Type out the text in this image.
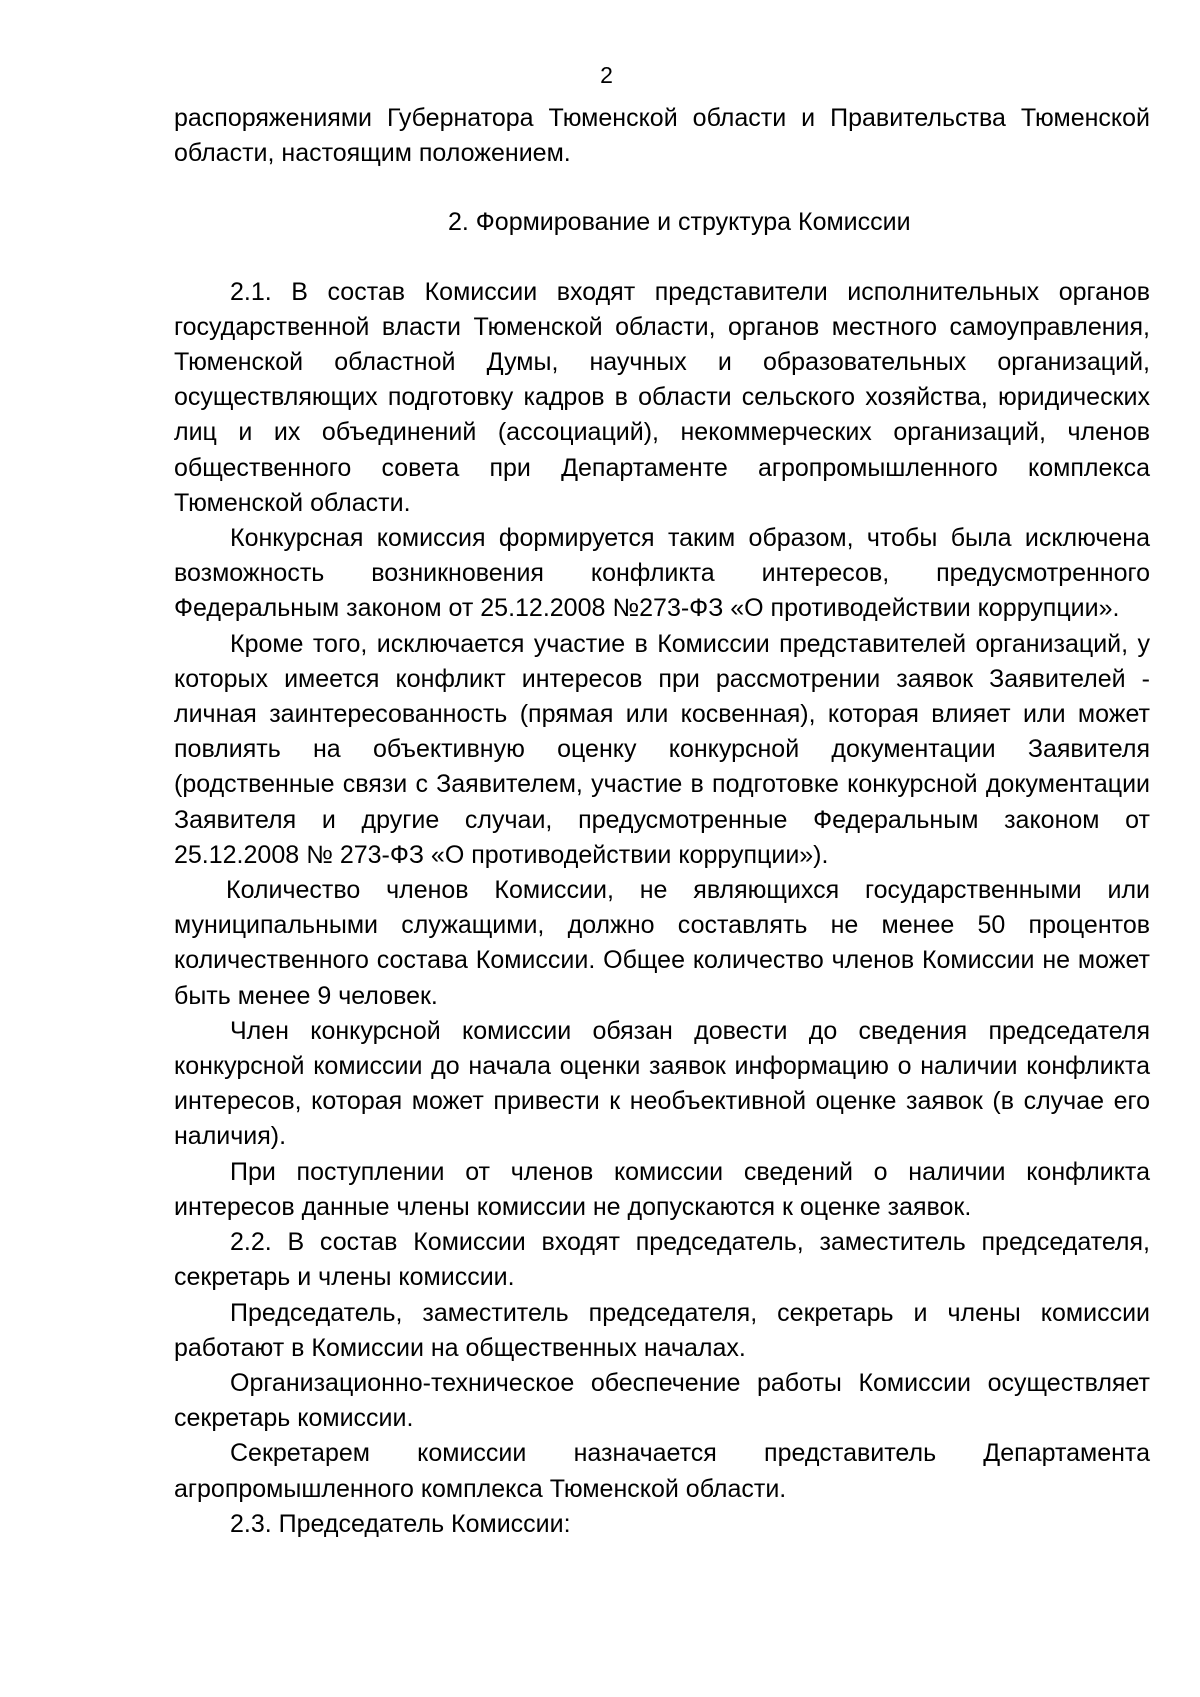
2

распоряжениями Губернатора Тюменской области и Правительства Тюменской области, настоящим положением.

2. Формирование и структура Комиссии

2.1. В состав Комиссии входят представители исполнительных органов государственной власти Тюменской области, органов местного самоуправления, Тюменской областной Думы, научных и образовательных организаций, осуществляющих подготовку кадров в области сельского хозяйства, юридических лиц и их объединений (ассоциаций), некоммерческих организаций, членов общественного совета при Департаменте агропромышленного комплекса Тюменской области.

Конкурсная комиссия формируется таким образом, чтобы была исключена возможность возникновения конфликта интересов, предусмотренного Федеральным законом от 25.12.2008 №273-ФЗ «О противодействии коррупции».

Кроме того, исключается участие в Комиссии представителей организаций, у которых имеется конфликт интересов при рассмотрении заявок Заявителей - личная заинтересованность (прямая или косвенная), которая влияет или может повлиять на объективную оценку конкурсной документации Заявителя (родственные связи с Заявителем, участие в подготовке конкурсной документации Заявителя и другие случаи, предусмотренные Федеральным законом от 25.12.2008 № 273-ФЗ «О противодействии коррупции»).

Количество членов Комиссии, не являющихся государственными или муниципальными служащими, должно составлять не менее 50 процентов количественного состава Комиссии. Общее количество членов Комиссии не может быть менее 9 человек.

Член конкурсной комиссии обязан довести до сведения председателя конкурсной комиссии до начала оценки заявок информацию о наличии конфликта интересов, которая может привести к необъективной оценке заявок (в случае его наличия).

При поступлении от членов комиссии сведений о наличии конфликта интересов данные члены комиссии не допускаются к оценке заявок.

2.2. В состав Комиссии входят председатель, заместитель председателя, секретарь и члены комиссии.

Председатель, заместитель председателя, секретарь и члены комиссии работают в Комиссии на общественных началах.

Организационно-техническое обеспечение работы Комиссии осуществляет секретарь комиссии.

Секретарем комиссии назначается представитель Департамента агропромышленного комплекса Тюменской области.

2.3. Председатель Комиссии:
